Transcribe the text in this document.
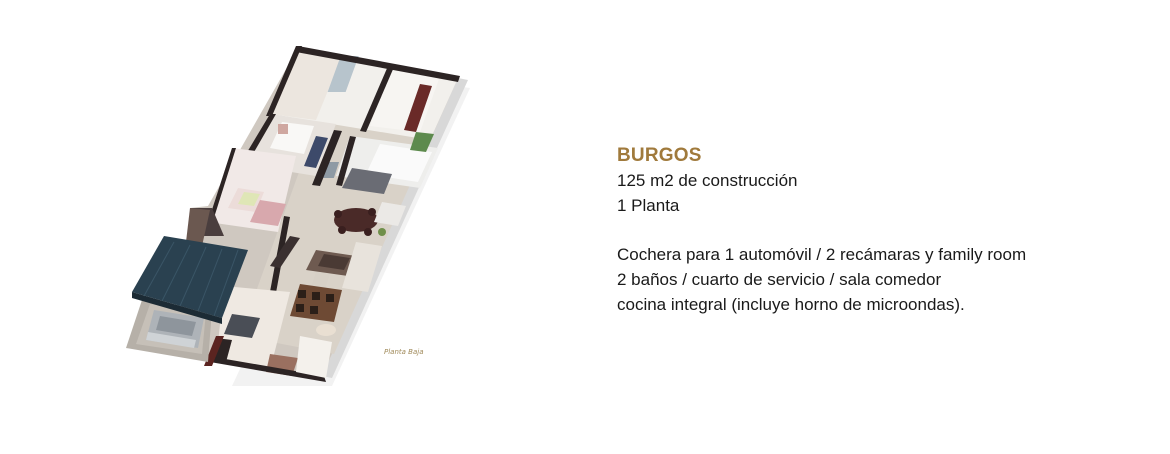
Planta Baja
BURGOS
125 m2 de construcción
1 Planta
Cochera para 1 automóvil / 2 recámaras y family room
2 baños / cuarto de servicio / sala comedor
cocina integral (incluye horno de microondas).
